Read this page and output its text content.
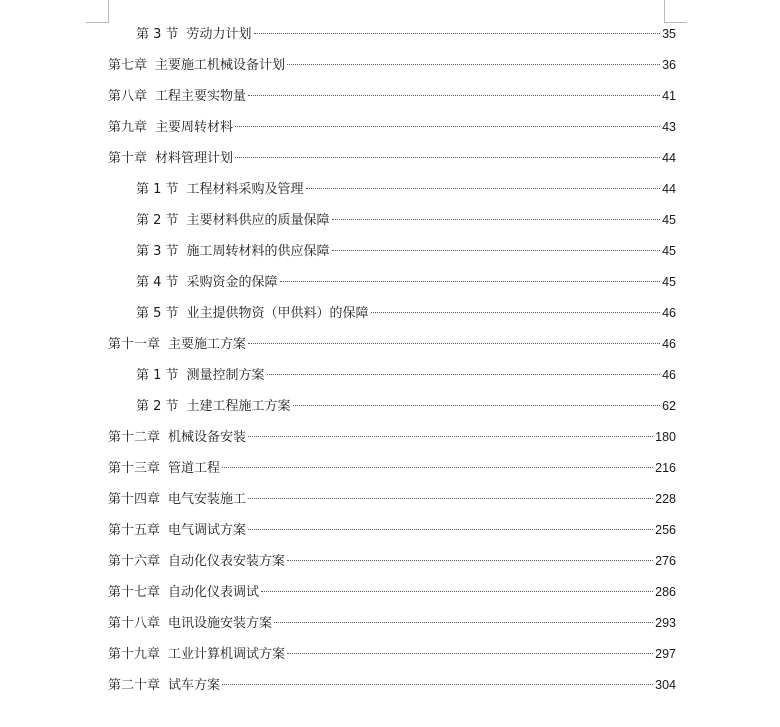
第 3 节 劳动力计划	35
第七章 主要施工机械设备计划	36
第八章 工程主要实物量	41
第九章 主要周转材料	43
第十章 材料管理计划	44
第 1 节 工程材料采购及管理	44
第 2 节 主要材料供应的质量保障	45
第 3 节 施工周转材料的供应保障	45
第 4 节 采购资金的保障	45
第 5 节 业主提供物资（甲供料）的保障	46
第十一章 主要施工方案	46
第 1 节 测量控制方案	46
第 2 节 土建工程施工方案	62
第十二章 机械设备安装	180
第十三章 管道工程	216
第十四章 电气安装施工	228
第十五章 电气调试方案	256
第十六章 自动化仪表安装方案	276
第十七章 自动化仪表调试	286
第十八章 电讯设施安装方案	293
第十九章 工业计算机调试方案	297
第二十章 试车方案	304
